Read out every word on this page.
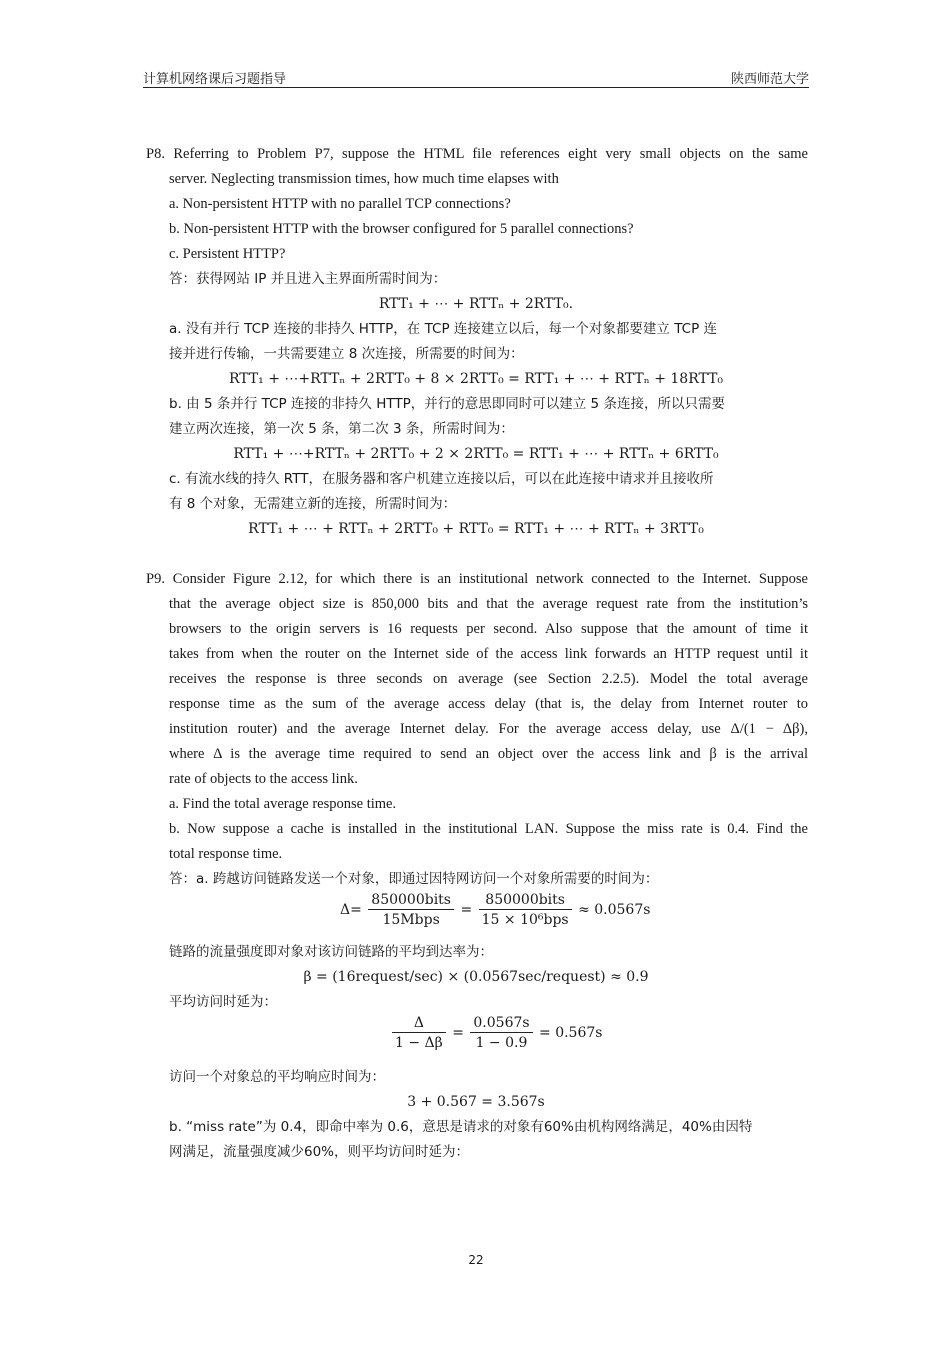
计算机网络课后习题指导	陕西师范大学
P8. Referring to Problem P7, suppose the HTML file references eight very small objects on the same
server. Neglecting transmission times, how much time elapses with
a. Non-persistent HTTP with no parallel TCP connections?
b. Non-persistent HTTP with the browser configured for 5 parallel connections?
c. Persistent HTTP?
答：获得网站 IP 并且进入主界面所需时间为：
RTT₁ + ⋯ + RTTₙ + 2RTT₀.
a. 没有并行 TCP 连接的非持久 HTTP，在 TCP 连接建立以后，每一个对象都要建立 TCP 连
接并进行传输，一共需要建立 8 次连接，所需要的时间为：
RTT₁ + ⋯+RTTₙ + 2RTT₀ + 8 × 2RTT₀ = RTT₁ + ⋯ + RTTₙ + 18RTT₀
b. 由 5 条并行 TCP 连接的非持久 HTTP，并行的意思即同时可以建立 5 条连接，所以只需要
建立两次连接，第一次 5 条，第二次 3 条，所需时间为：
RTT₁ + ⋯+RTTₙ + 2RTT₀ + 2 × 2RTT₀ = RTT₁ + ⋯ + RTTₙ + 6RTT₀
c. 有流水线的持久 RTT，在服务器和客户机建立连接以后，可以在此连接中请求并且接收所
有 8 个对象，无需建立新的连接，所需时间为：
RTT₁ + ⋯ + RTTₙ + 2RTT₀ + RTT₀ = RTT₁ + ⋯ + RTTₙ + 3RTT₀
P9. Consider Figure 2.12, for which there is an institutional network connected to the Internet. Suppose
that the average object size is 850,000 bits and that the average request rate from the institution’s
browsers to the origin servers is 16 requests per second. Also suppose that the amount of time it
takes from when the router on the Internet side of the access link forwards an HTTP request until it
receives the response is three seconds on average (see Section 2.2.5). Model the total average
response time as the sum of the average access delay (that is, the delay from Internet router to
institution router) and the average Internet delay. For the average access delay, use Δ/(1 − Δβ),
where Δ is the average time required to send an object over the access link and β is the arrival
rate of objects to the access link.
a. Find the total average response time.
b. Now suppose a cache is installed in the institutional LAN. Suppose the miss rate is 0.4. Find the
total response time.
答：a. 跨越访问链路发送一个对象，即通过因特网访问一个对象所需要的时间为：
$\Delta= \frac{\text{850000bits}}{\text{15Mbps}} = \frac{\text{850000bits}}{\text{15 × 10⁶bps}} \approx 0.0567s$
链路的流量强度即对象对该访问链路的平均到达率为：
β = (16request/sec) × (0.0567sec/request) ≈ 0.9
平均访问时延为：
$\frac{\Delta}{1 - \Delta\beta} = \frac{0.0567s}{1 - 0.9} = 0.567s$
访问一个对象总的平均响应时间为：
3 + 0.567 = 3.567s
b. “miss rate”为 0.4，即命中率为 0.6，意思是请求的对象有60%由机构网络满足，40%由因特
网满足，流量强度减少60%，则平均访问时延为：
22
